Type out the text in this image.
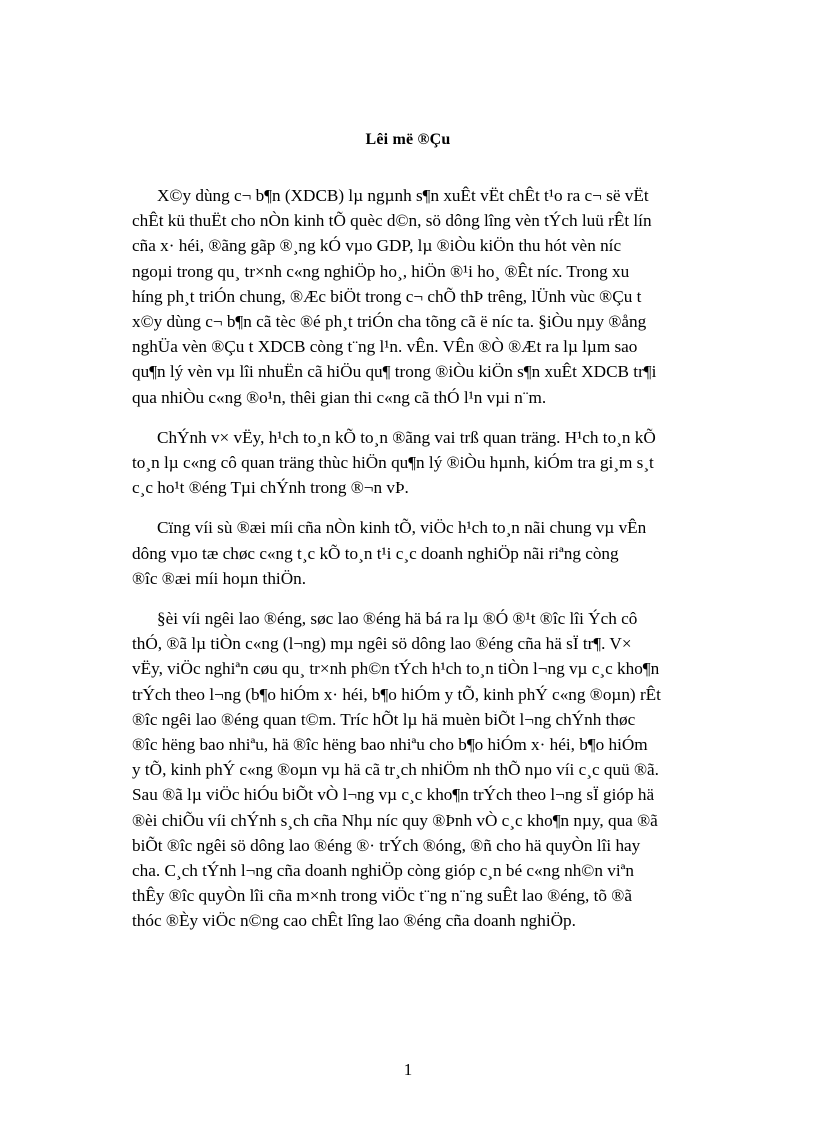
Lêi më ®Çu

X©y dùng c¬ b¶n (XDCB) lµ ngµnh s¶n xuÊt vËt chÊt t¹o ra c¬ së vËt
chÊt kü thuËt cho nÒn kinh tÕ quèc d©n, sö dông lîng vèn tÝch luü rÊt lín
cña x· héi, ®ãng gãp ®¸ng kÓ vµo GDP, lµ ®iÒu kiÖn thu hót vèn níc
ngoµi trong qu¸ tr×nh c«ng nghiÖp ho¸, hiÖn ®¹i ho¸ ®Êt níc. Trong xu
híng ph¸t triÓn chung, ®Æc biÖt trong c¬ chÕ thÞ trêng, lÜnh vùc ®Çu t
x©y dùng c¬ b¶n cã tèc ®é ph¸t triÓn cha tõng cã ë níc ta. §iÒu nµy ®ång
nghÜa vèn ®Çu t XDCB còng t¨ng l¹n. vÊn. VÊn ®Ò ®Æt ra lµ lµm sao
qu¶n lý vèn vµ lîi nhuËn cã hiÖu qu¶ trong ®iÒu kiÖn s¶n xuÊt XDCB tr¶i
qua nhiÒu c«ng ®o¹n, thêi gian thi c«ng cã thÓ l¹n vµi n¨m.

ChÝnh v× vËy, h¹ch to¸n kÕ to¸n ®ãng vai trß quan träng. H¹ch to¸n kÕ
to¸n lµ c«ng cô quan träng thùc hiÖn qu¶n lý ®iÒu hµnh, kiÓm tra gi¸m s¸t
c¸c ho¹t ®éng Tµi chÝnh trong ®¬n vÞ.

Cïng víi sù ®æi míi cña nÒn kinh tÕ, viÖc h¹ch to¸n nãi chung vµ vÊn
dông vµo tæ chøc c«ng t¸c kÕ to¸n t¹i c¸c doanh nghiÖp nãi riªng còng
®îc ®æi míi hoµn thiÖn.

§èi víi ngêi lao ®éng, søc lao ®éng hä bá ra lµ ®Ó ®¹t ®îc lîi Ých cô
thÓ, ®ã lµ tiÒn c«ng (l¬ng) mµ ngêi sö dông lao ®éng cña hä sÏ tr¶. V×
vËy, viÖc nghiªn cøu qu¸ tr×nh ph©n tÝch h¹ch to¸n tiÒn l¬ng vµ c¸c kho¶n
trÝch theo l¬ng (b¶o hiÓm x· héi, b¶o hiÓm y tÕ, kinh phÝ c«ng ®oµn) rÊt
®îc ngêi lao ®éng quan t©m. Tríc hÕt lµ hä muèn biÕt l¬ng chÝnh thøc
®îc hëng bao nhiªu, hä ®îc hëng bao nhiªu cho b¶o hiÓm x· héi, b¶o hiÓm
y tÕ, kinh phÝ c«ng ®oµn vµ hä cã tr¸ch nhiÖm nh thÕ nµo víi c¸c quü ®ã.
Sau ®ã lµ viÖc hiÓu biÕt vÒ l¬ng vµ c¸c kho¶n trÝch theo l¬ng sÏ gióp hä
®èi chiÕu víi chÝnh s¸ch cña Nhµ níc quy ®Þnh vÒ c¸c kho¶n nµy, qua ®ã
biÕt ®îc ngêi sö dông lao ®éng ®· trÝch ®óng, ®ñ cho hä quyÒn lîi hay
cha. C¸ch tÝnh l¬ng cña doanh nghiÖp còng gióp c¸n bé c«ng nh©n viªn
thÊy ®îc quyÒn lîi cña m×nh trong viÖc t¨ng n¨ng suÊt lao ®éng, tõ ®ã
thóc ®Èy viÖc n©ng cao chÊt lîng lao ®éng cña doanh nghiÖp.

1
